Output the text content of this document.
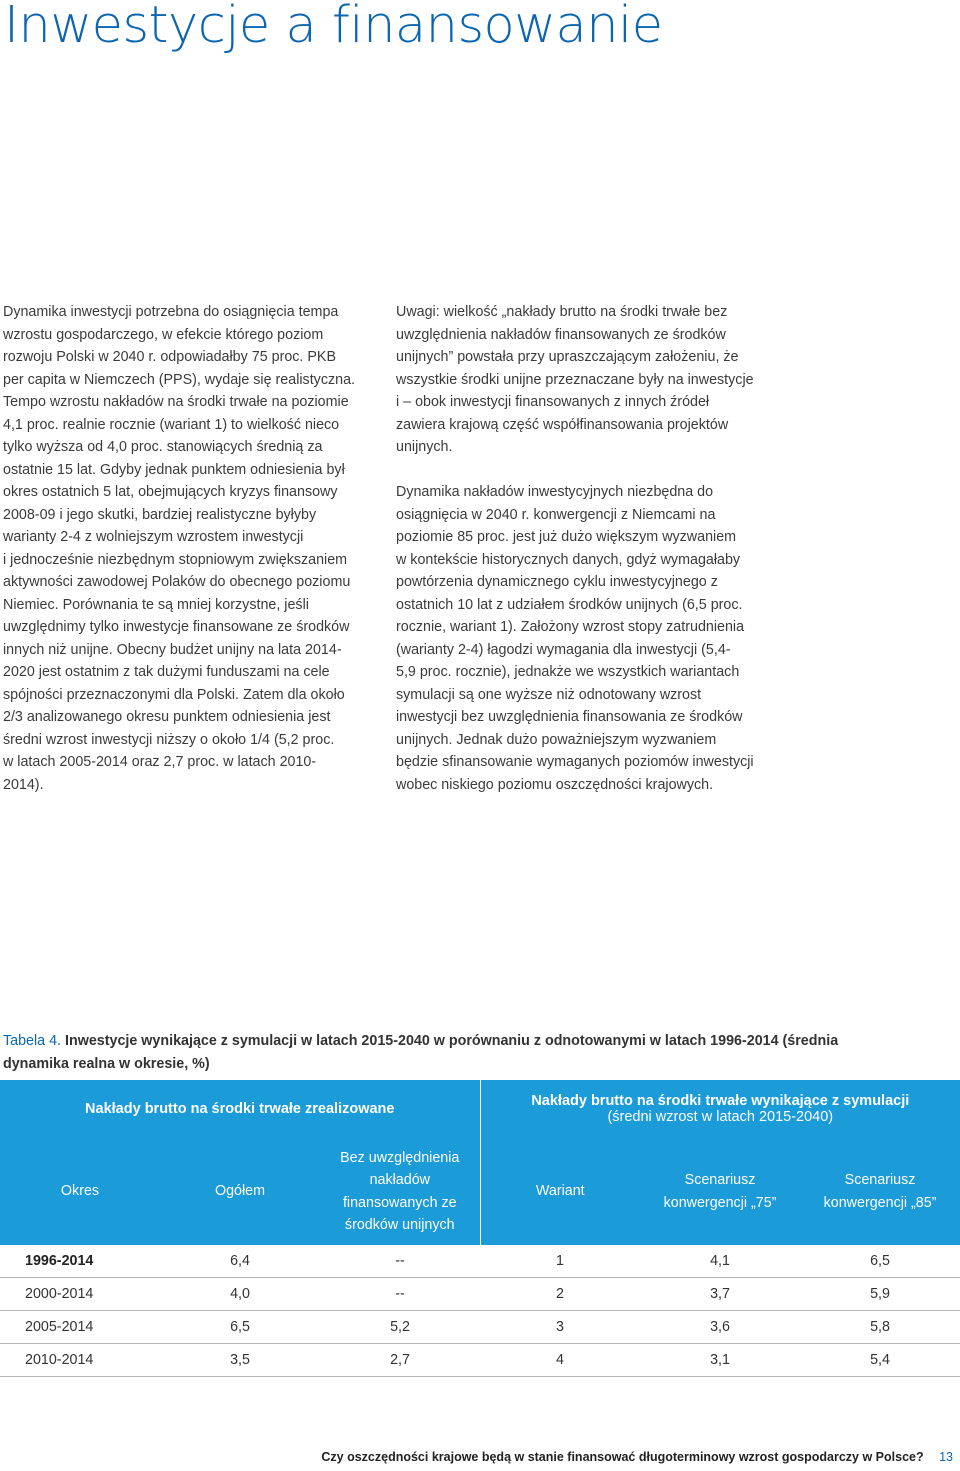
Inwestycje a finansowanie

Dynamika inwestycji potrzebna do osiągnięcia tempa

wzrostu gospodarczego, w efekcie którego poziom

rozwoju Polski w 2040 r. odpowiadałby 75 proc. PKB

per capita w Niemczech (PPS), wydaje się realistyczna.

Tempo wzrostu nakładów na środki trwałe na poziomie

4,1 proc. realnie rocznie (wariant 1) to wielkość nieco

tylko wyższa od 4,0 proc. stanowiących średnią za

ostatnie 15 lat. Gdyby jednak punktem odniesienia był

okres ostatnich 5 lat, obejmujących kryzys finansowy

2008-09 i jego skutki, bardziej realistyczne byłyby

warianty 2-4 z wolniejszym wzrostem inwestycji

i jednocześnie niezbędnym stopniowym zwiększaniem

aktywności zawodowej Polaków do obecnego poziomu

Niemiec. Porównania te są mniej korzystne, jeśli

uwzględnimy tylko inwestycje finansowane ze środków

innych niż unijne. Obecny budżet unijny na lata 2014-

2020 jest ostatnim z tak dużymi funduszami na cele

spójności przeznaczonymi dla Polski. Zatem dla około

2/3 analizowanego okresu punktem odniesienia jest

średni wzrost inwestycji niższy o około 1/4 (5,2 proc.

w latach 2005-2014 oraz 2,7 proc. w latach 2010-

2014).

Uwagi: wielkość „nakłady brutto na środki trwałe bez

uwzględnienia nakładów finansowanych ze środków

unijnych” powstała przy upraszczającym założeniu, że

wszystkie środki unijne przeznaczane były na inwestycje

i – obok inwestycji finansowanych z innych źródeł

zawiera krajową część współfinansowania projektów

unijnych.

Dynamika nakładów inwestycyjnych niezbędna do

osiągnięcia w 2040 r. konwergencji z Niemcami na

poziomie 85 proc. jest już dużo większym wyzwaniem

w kontekście historycznych danych, gdyż wymagałaby

powtórzenia dynamicznego cyklu inwestycyjnego z

ostatnich 10 lat z udziałem środków unijnych (6,5 proc.

rocznie, wariant 1). Założony wzrost stopy zatrudnienia

(warianty 2-4) łagodzi wymagania dla inwestycji (5,4-

5,9 proc. rocznie), jednakże we wszystkich wariantach

symulacji są one wyższe niż odnotowany wzrost

inwestycji bez uwzględnienia finansowania ze środków

unijnych. Jednak dużo poważniejszym wyzwaniem

będzie sfinansowanie wymaganych poziomów inwestycji

wobec niskiego poziomu oszczędności krajowych.

Tabela 4. Inwestycje wynikające z symulacji w latach 2015-2040 w porównaniu z odnotowanymi w latach 1996-2014 (średnia
dynamika realna w okresie, %)

Nakłady brutto na środki trwałe zrealizowane			Nakłady brutto na środki trwałe wynikające z symulacji
(średni wzrost w latach 2015-2040)		

Okres	Ogółem	Bez uwzględnienia
nakładów
finansowanych ze
środków unijnych	Wariant	Scenariusz
konwergencji „75”	Scenariusz
konwergencji „85”
1996-2014	6,4	--	1	4,1	6,5
2000-2014	4,0	--	2	3,7	5,9
2005-2014	6,5	5,2	3	3,6	5,8
2010-2014	3,5	2,7	4	3,1	5,4
Czy oszczędności krajowe będą w stanie finansować długoterminowy wzrost gospodarczy w Polsce? 13
